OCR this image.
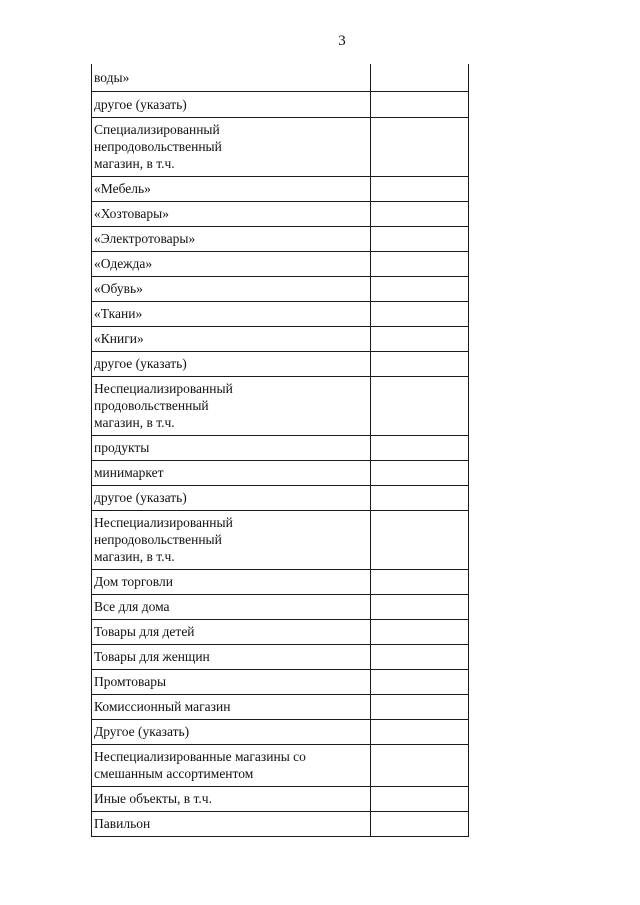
3
воды»	
другое (указать)	
Специализированный
непродовольственный
магазин, в т.ч.	
«Мебель»	
«Хозтовары»	
«Электротовары»	
«Одежда»	
«Обувь»	
«Ткани»	
«Книги»	
другое (указать)	
Неспециализированный
продовольственный
магазин, в т.ч.	
продукты	
минимаркет	
другое (указать)	
Неспециализированный
непродовольственный
магазин, в т.ч.	
Дом торговли	
Все для дома	
Товары для детей	
Товары для женщин	
Промтовары	
Комиссионный магазин	
Другое (указать)	
Неспециализированные магазины со
смешанным ассортиментом	
Иные объекты, в т.ч.	
Павильон	
